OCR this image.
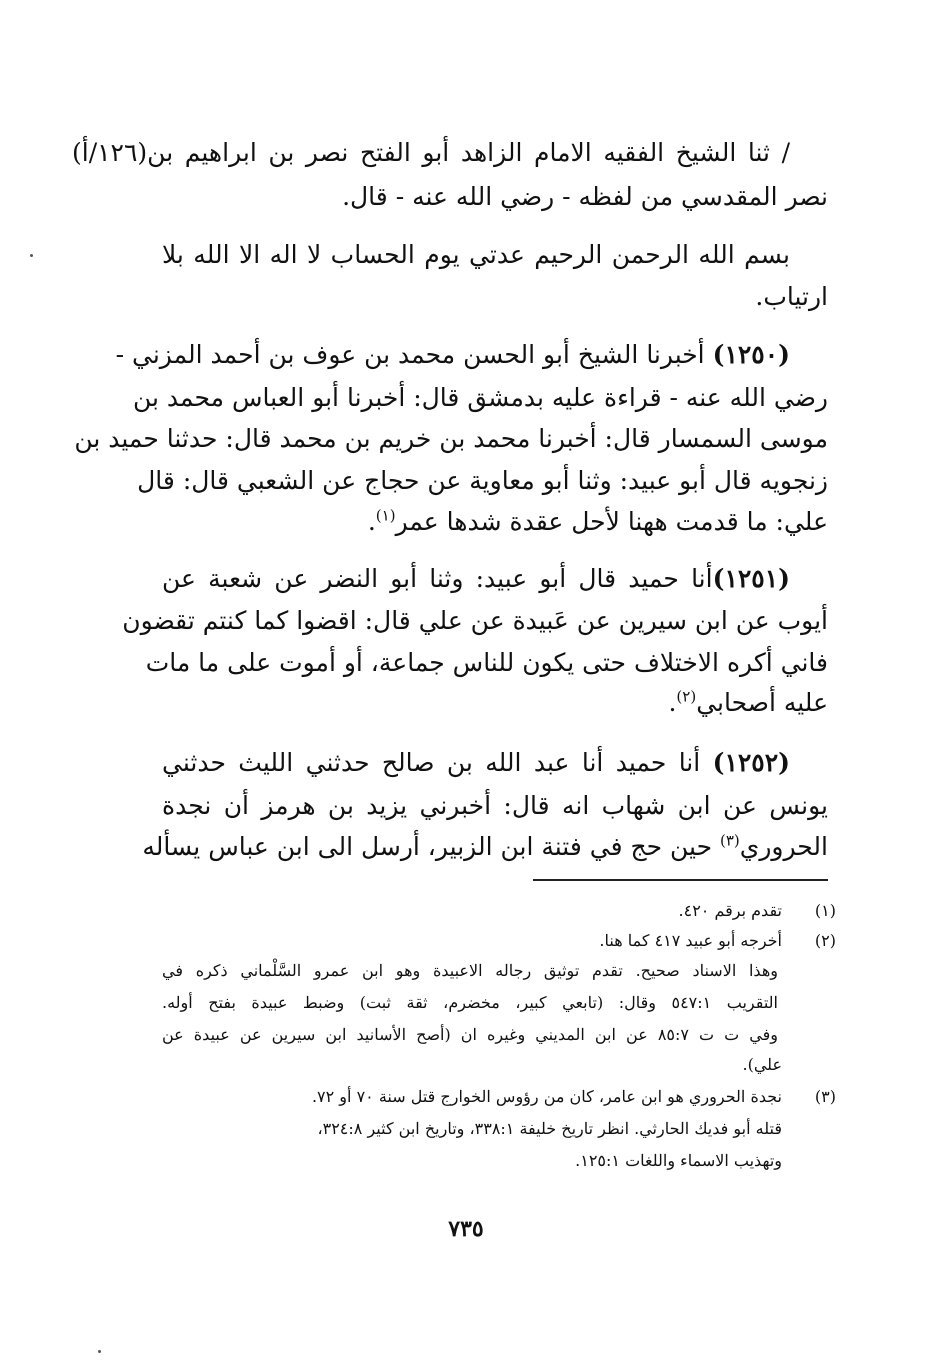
/ ثنا الشيخ الفقيه الامام الزاهد أبو الفتح نصر بن ابراهيم بن(١٢٦/أ)
نصر المقدسي من لفظه - رضي الله عنه - قال.
بسم الله الرحمن الرحيم عدتي يوم الحساب لا اله الا الله بلا
ارتياب.
(١٢٥٠) أخبرنا الشيخ أبو الحسن محمد بن عوف بن أحمد المزني -
رضي الله عنه - قراءة عليه بدمشق قال: أخبرنا أبو العباس محمد بن
موسى السمسار قال: أخبرنا محمد بن خريم بن محمد قال: حدثنا حميد بن
زنجويه قال أبو عبيد: وثنا أبو معاوية عن حجاج عن الشعبي قال: قال
علي: ما قدمت ههنا لأحل عقدة شدها عمر$^{(١)}$.
(١٢٥١)أنا حميد قال أبو عبيد: وثنا أبو النضر عن شعبة عن
أيوب عن ابن سيرين عن عَبيدة عن علي قال: اقضوا كما كنتم تقضون
فاني أكره الاختلاف حتى يكون للناس جماعة، أو أموت على ما مات
عليه أصحابي$^{(٢)}$.
(١٢٥٢) أنا حميد أنا عبد الله بن صالح حدثني الليث حدثني
يونس عن ابن شهاب انه قال: أخبرني يزيد بن هرمز أن نجدة
الحروري$^{(٣)}$ حين حج في فتنة ابن الزبير، أرسل الى ابن عباس يسأله
(١)
تقدم برقم ٤٢٠.
(٢)
أخرجه أبو عبيد ٤١٧ كما هنا.
وهذا الاسناد صحيح. تقدم توثيق رجاله الاعبيدة وهو ابن عمرو السَّلْماني ذكره في
التقريب ٥٤٧:١ وقال: (تابعي كبير، مخضرم، ثقة ثبت) وضبط عبيدة بفتح أوله.
وفي ت ت ٨٥:٧ عن ابن المديني وغيره ان (أصح الأسانيد ابن سيرين عن عبيدة عن
علي).
(٣)
نجدة الحروري هو ابن عامر، كان من رؤوس الخوارج قتل سنة ٧٠ أو ٧٢.
قتله أبو فديك الحارثي. انظر تاريخ خليفة ٣٣٨:١، وتاريخ ابن كثير ٣٢٤:٨،
وتهذيب الاسماء واللغات ١٢٥:١.
٧٣٥
